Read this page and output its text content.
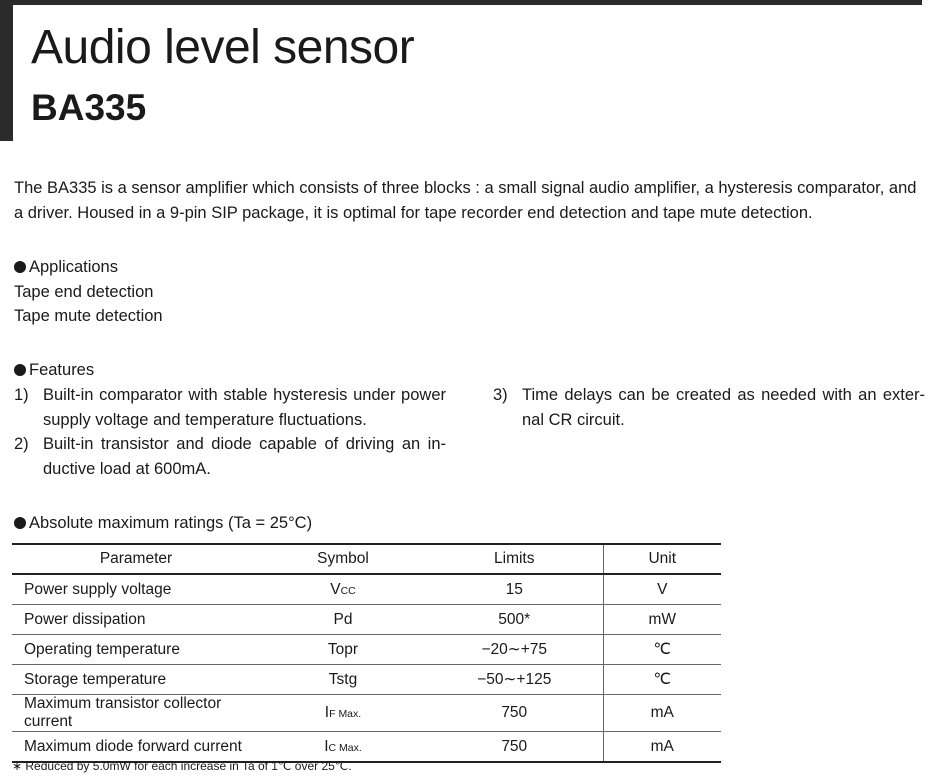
Audio level sensor
BA335
The BA335 is a sensor amplifier which consists of three blocks : a small signal audio amplifier, a hysteresis comparator, and a driver. Housed in a 9-pin SIP package, it is optimal for tape recorder end detection and tape mute detection.
Applications
Tape end detection
Tape mute detection
Features
1) Built-in comparator with stable hysteresis under power supply voltage and temperature fluctuations.
2) Built-in transistor and diode capable of driving an in- ductive load at 600mA.
3) Time delays can be created as needed with an exter- nal CR circuit.
Absolute maximum ratings (Ta = 25°C)
Parameter	Symbol	Limits	Unit
Power supply voltage	VCC	15	V
Power dissipation	Pd	500*	mW
Operating temperature	Topr	−20∼+75	℃
Storage temperature	Tstg	−50∼+125	℃
Maximum transistor collector current	IF Max.	750	mA
Maximum diode forward current	IC Max.	750	mA
∗ Reduced by 5.0mW for each increase in Ta of 1℃ over 25℃.
